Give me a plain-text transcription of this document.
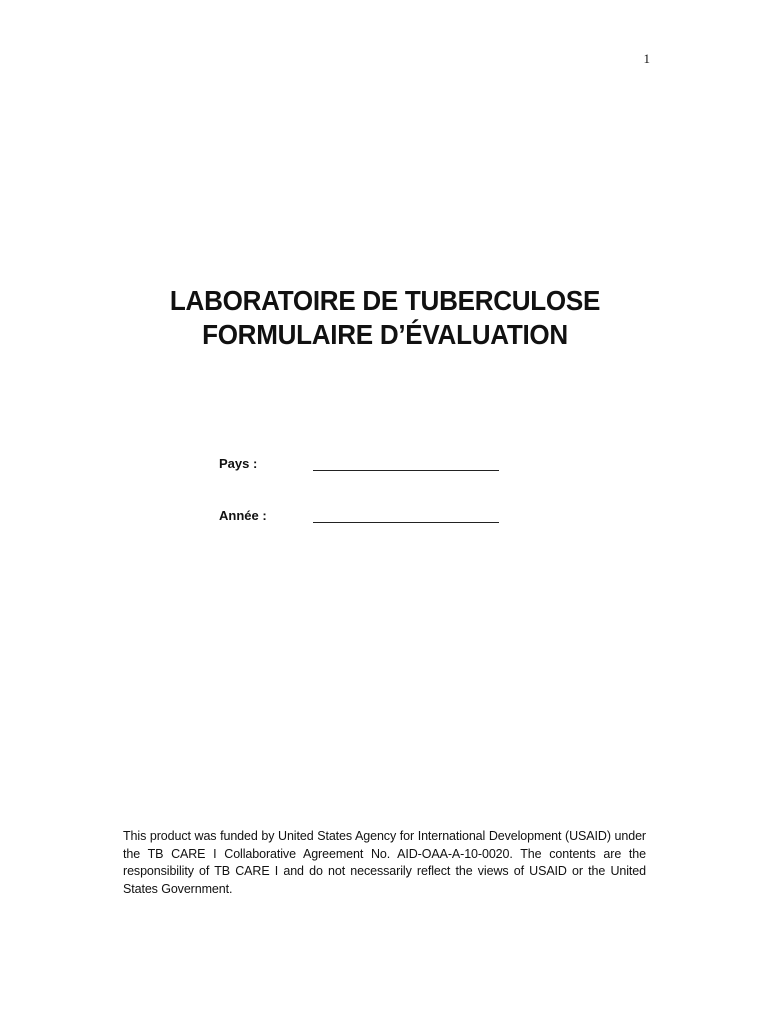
1
LABORATOIRE DE TUBERCULOSE
FORMULAIRE D’ÉVALUATION
Pays :
Année :
This product was funded by United States Agency for International Development (USAID) under the TB CARE I Collaborative Agreement No. AID-OAA-A-10-0020. The contents are the responsibility of TB CARE I and do not necessarily reflect the views of USAID or the United States Government.
